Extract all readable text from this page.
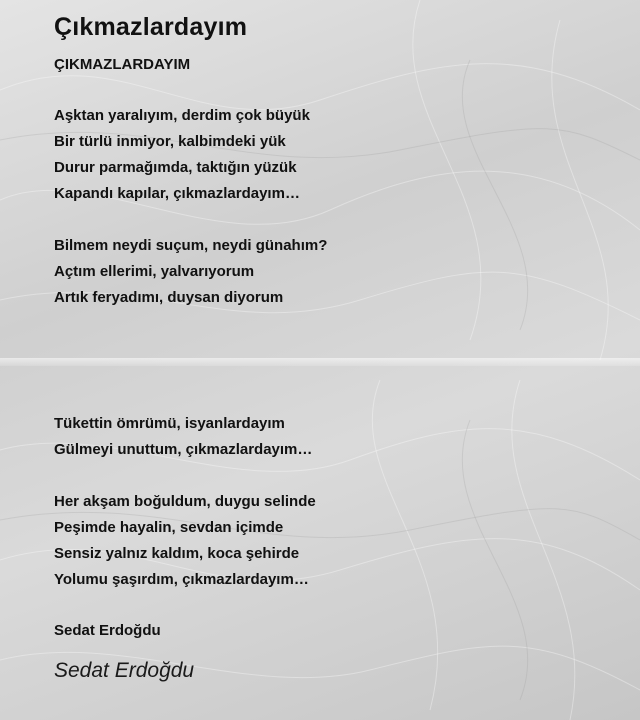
Çıkmazlardayım
ÇIKMAZLARDAYIM
Aşktan yaralıyım, derdim çok büyük
Bir türlü inmiyor, kalbimdeki yük
Durur parmağımda, taktığın yüzük
Kapandı kapılar, çıkmazlardayım…
Bilmem neydi suçum, neydi günahım?
Açtım ellerimi, yalvarıyorum
Artık feryadımı, duysan diyorum
Tükettin ömrümü, isyanlardayım
Gülmeyi unuttum, çıkmazlardayım…
Her akşam boğuldum, duygu selinde
Peşimde hayalin, sevdan içimde
Sensiz yalnız kaldım, koca şehirde
Yolumu şaşırdım, çıkmazlardayım…
Sedat Erdoğdu
Sedat Erdoğdu
